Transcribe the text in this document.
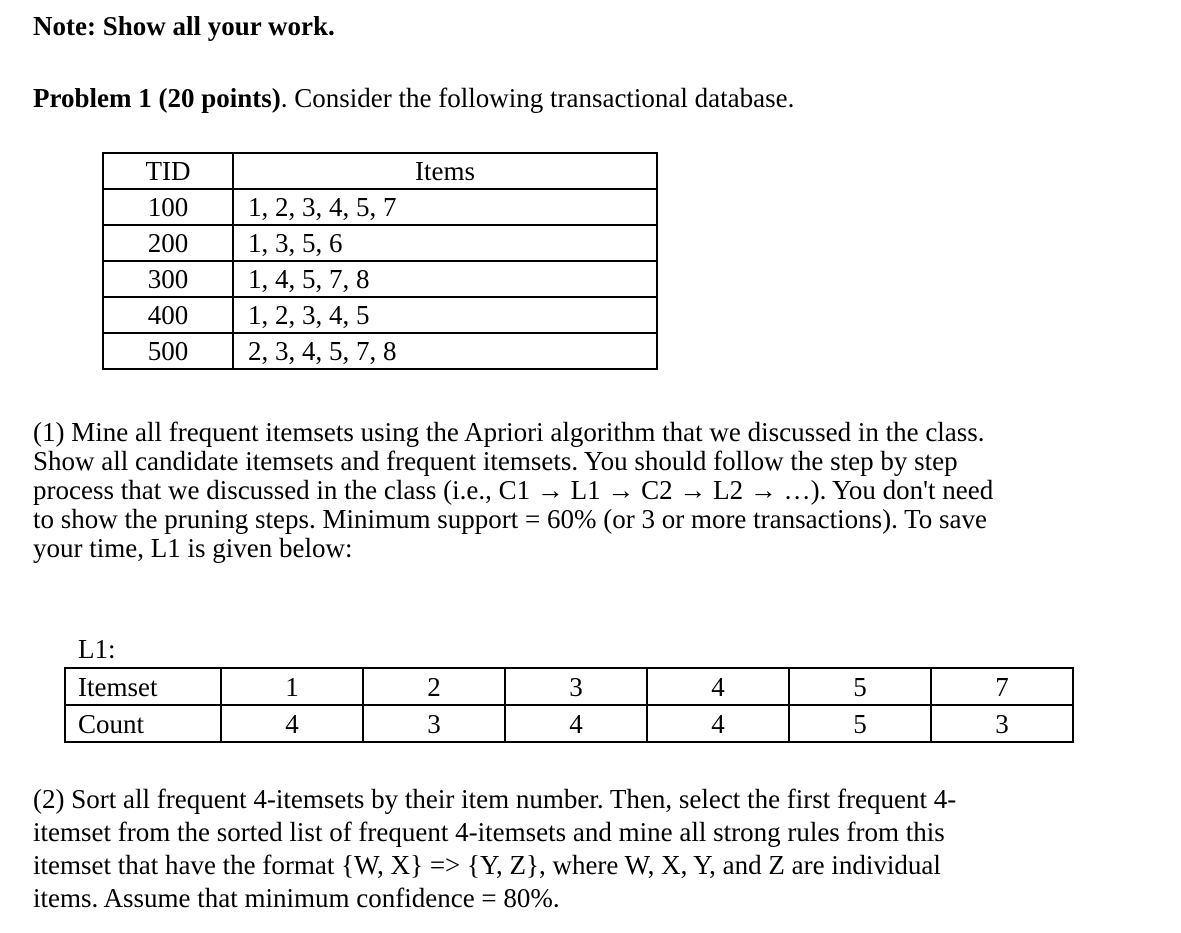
Note: Show all your work.
Problem 1 (20 points). Consider the following transactional database.
TID	Items
100	1, 2, 3, 4, 5, 7
200	1, 3, 5, 6
300	1, 4, 5, 7, 8
400	1, 2, 3, 4, 5
500	2, 3, 4, 5, 7, 8
(1) Mine all frequent itemsets using the Apriori algorithm that we discussed in the class.
Show all candidate itemsets and frequent itemsets. You should follow the step by step
process that we discussed in the class (i.e., C1 → L1 → C2 → L2 → …). You don't need
to show the pruning steps. Minimum support = 60% (or 3 or more transactions). To save
your time, L1 is given below:
L1:
Itemset	1	2	3	4	5	7
Count	4	3	4	4	5	3
(2) Sort all frequent 4-itemsets by their item number. Then, select the first frequent 4-
itemset from the sorted list of frequent 4-itemsets and mine all strong rules from this
itemset that have the format {W, X} => {Y, Z}, where W, X, Y, and Z are individual
items. Assume that minimum confidence = 80%.
